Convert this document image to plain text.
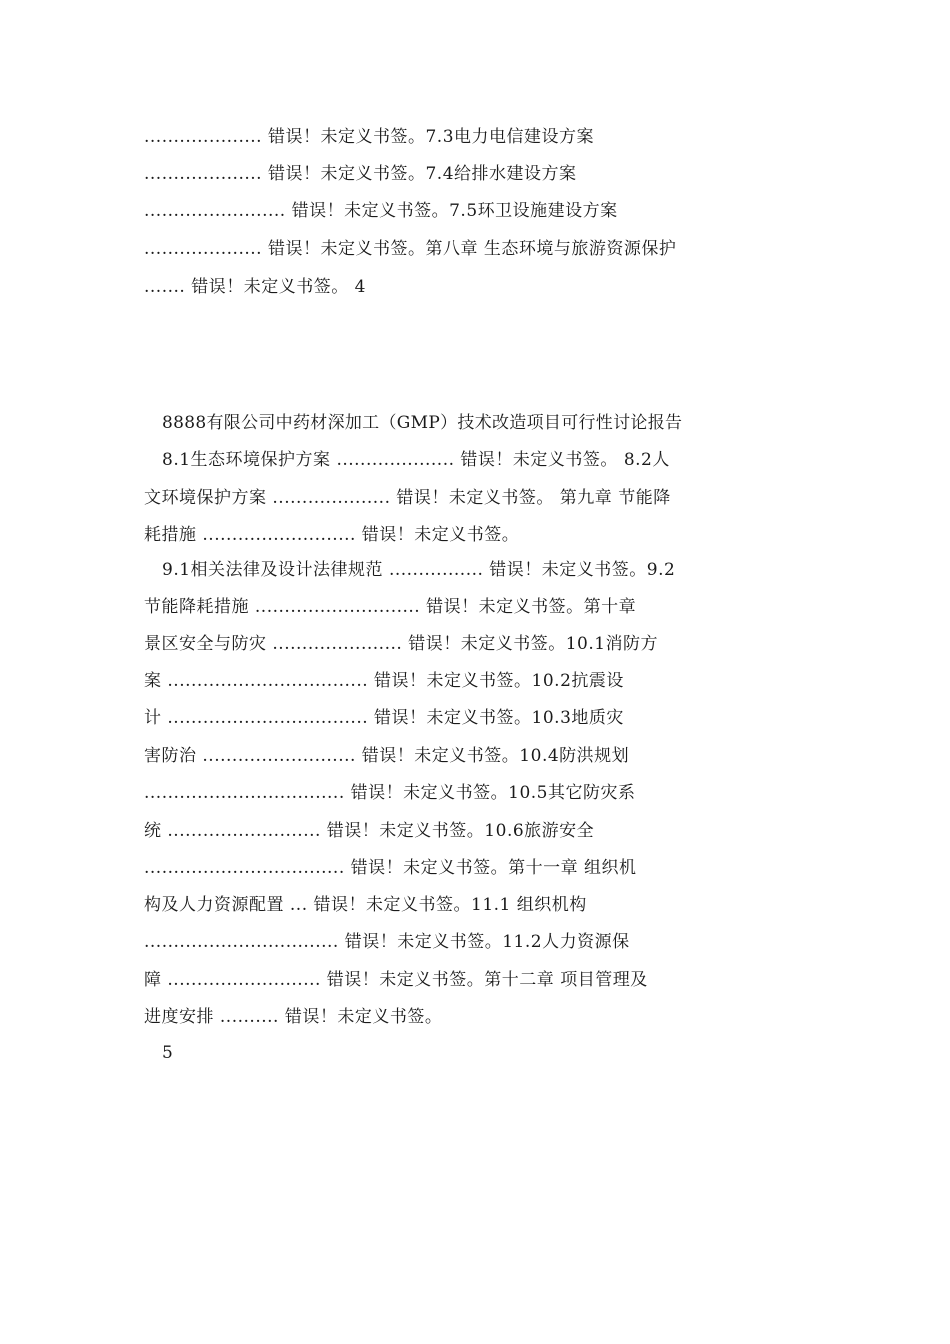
.................... 错误！未定义书签。7.3电力电信建设方案
.................... 错误！未定义书签。7.4给排水建设方案
........................ 错误！未定义书签。7.5环卫设施建设方案
.................... 错误！未定义书签。第八章 生态环境与旅游资源保护
....... 错误！未定义书签。 4
8888有限公司中药材深加工（GMP）技术改造项目可行性讨论报告
8.1生态环境保护方案 .................... 错误！未定义书签。 8.2人
文环境保护方案 .................... 错误！未定义书签。 第九章 节能降
耗措施 .......................... 错误！未定义书签。
9.1相关法律及设计法律规范 ................ 错误！未定义书签。9.2
节能降耗措施 ............................ 错误！未定义书签。第十章
景区安全与防灾 ...................... 错误！未定义书签。10.1消防方
案 .................................. 错误！未定义书签。10.2抗震设
计 .................................. 错误！未定义书签。10.3地质灾
害防治 .......................... 错误！未定义书签。10.4防洪规划
.................................. 错误！未定义书签。10.5其它防灾系
统 .......................... 错误！未定义书签。10.6旅游安全
.................................. 错误！未定义书签。第十一章 组织机
构及人力资源配置 ... 错误！未定义书签。11.1 组织机构
................................. 错误！未定义书签。11.2人力资源保
障 .......................... 错误！未定义书签。第十二章 项目管理及
进度安排 .......... 错误！未定义书签。
5
